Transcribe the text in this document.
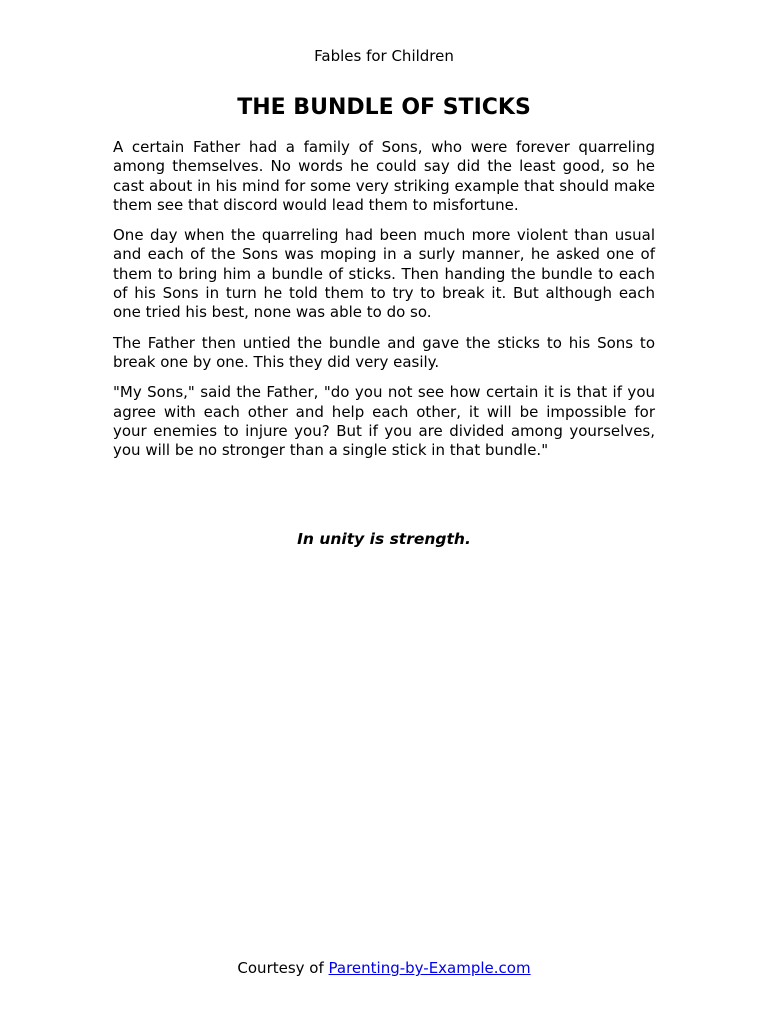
Fables for Children
THE BUNDLE OF STICKS

A certain Father had a family of Sons, who were forever quarreling among themselves. No words he could say did the least good, so he cast about in his mind for some very striking example that should make them see that discord would lead them to misfortune.

One day when the quarreling had been much more violent than usual and each of the Sons was moping in a surly manner, he asked one of them to bring him a bundle of sticks. Then handing the bundle to each of his Sons in turn he told them to try to break it. But although each one tried his best, none was able to do so.

The Father then untied the bundle and gave the sticks to his Sons to break one by one. This they did very easily.

"My Sons," said the Father, "do you not see how certain it is that if you agree with each other and help each other, it will be impossible for your enemies to injure you? But if you are divided among yourselves, you will be no stronger than a single stick in that bundle."

In unity is strength.
Courtesy of Parenting-by-Example.com
